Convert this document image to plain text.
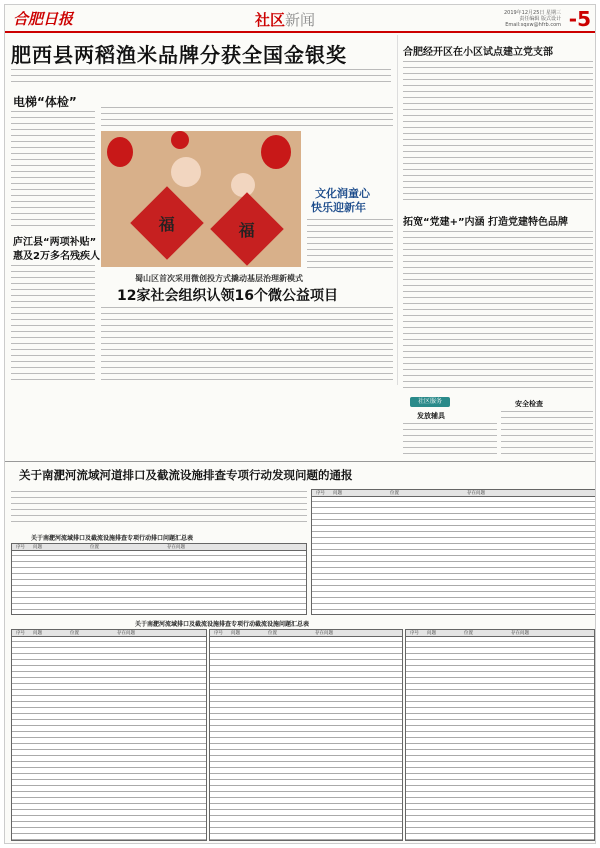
合肥日报	社区新闻	2019年12月25日 星期三
责任编辑 版式设计
Email:sqxw@hfrb.com -5
肥西县两稻渔米品牌分获全国金银奖
电梯“体检”
庐江县“两项补贴”
惠及2万多名残疾人
福	福
文化润童心
快乐迎新年
蜀山区首次采用微创投方式撬动基层治理新模式
12家社会组织认领16个微公益项目
合肥经开区在小区试点建立党支部
拓宽“党建+”内涵 打造党建特色品牌
社区服务
发放辅具
安全检查
关于南淝河流域河道排口及截流设施排查专项行动发现问题的通报
关于南淝河流域排口及截流设施排查专项行动排口问题汇总表
序号 问题	位置	存在问题
序号 问题	位置	存在问题
关于南淝河流域排口及截流设施排查专项行动截流设施问题汇总表
序号 问题	位置	存在问题	序号 问题	位置	存在问题	序号 问题	位置	存在问题
